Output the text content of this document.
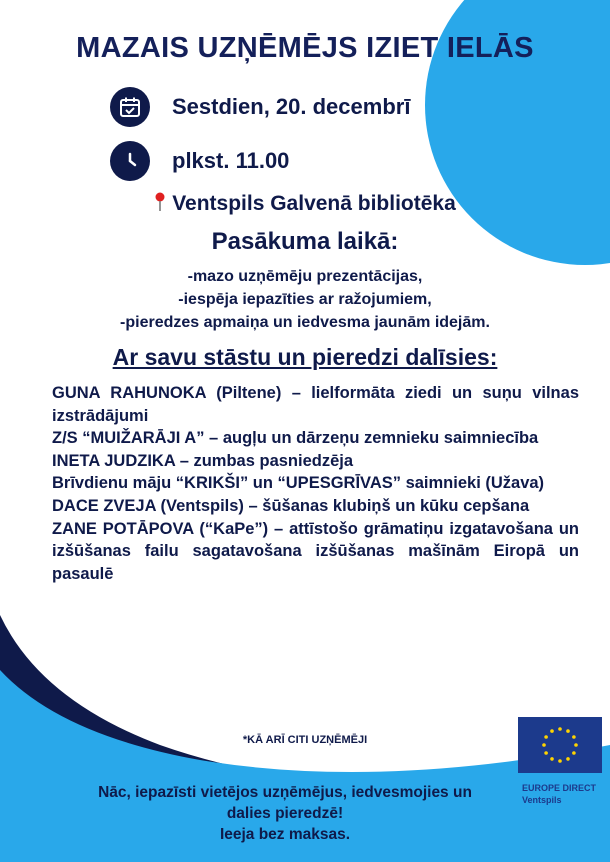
MAZAIS UZŅĒMĒJS IZIET IELĀS
Sestdien, 20. decembrī
plkst. 11.00
Ventspils Galvenā bibliotēka
Pasākuma laikā:
-mazo uzņēmēju prezentācijas,
-iespēja iepazīties ar ražojumiem,
-pieredzes apmaiņa un iedvesma jaunām idejām.
Ar savu stāstu un pieredzi dalīsies:

GUNA RAHUNOKA (Piltene) – lielformāta ziedi un suņu vilnas izstrādājumi

Z/S “MUIŽARĀJI A” – augļu un dārzeņu zemnieku saimniecība

INETA JUDZIKA – zumbas pasniedzēja

Brīvdienu māju “KRIKŠI” un “UPESGRĪVAS” saimnieki (Užava)

DACE ZVEJA (Ventspils) – šūšanas klubiņš un kūku cepšana

ZANE POTĀPOVA (“KaPe”) – attīstošo grāmatiņu izgatavošana un izšūšanas failu sagatavošana izšūšanas mašīnām Eiropā un pasaulē

*KĀ ARĪ CITI UZŅĒMĒJI
Nāc, iepazīsti vietējos uzņēmējus, iedvesmojies un
dalies pieredzē!
Ieeja bez maksas.
EUROPE DIRECT
Ventspils
